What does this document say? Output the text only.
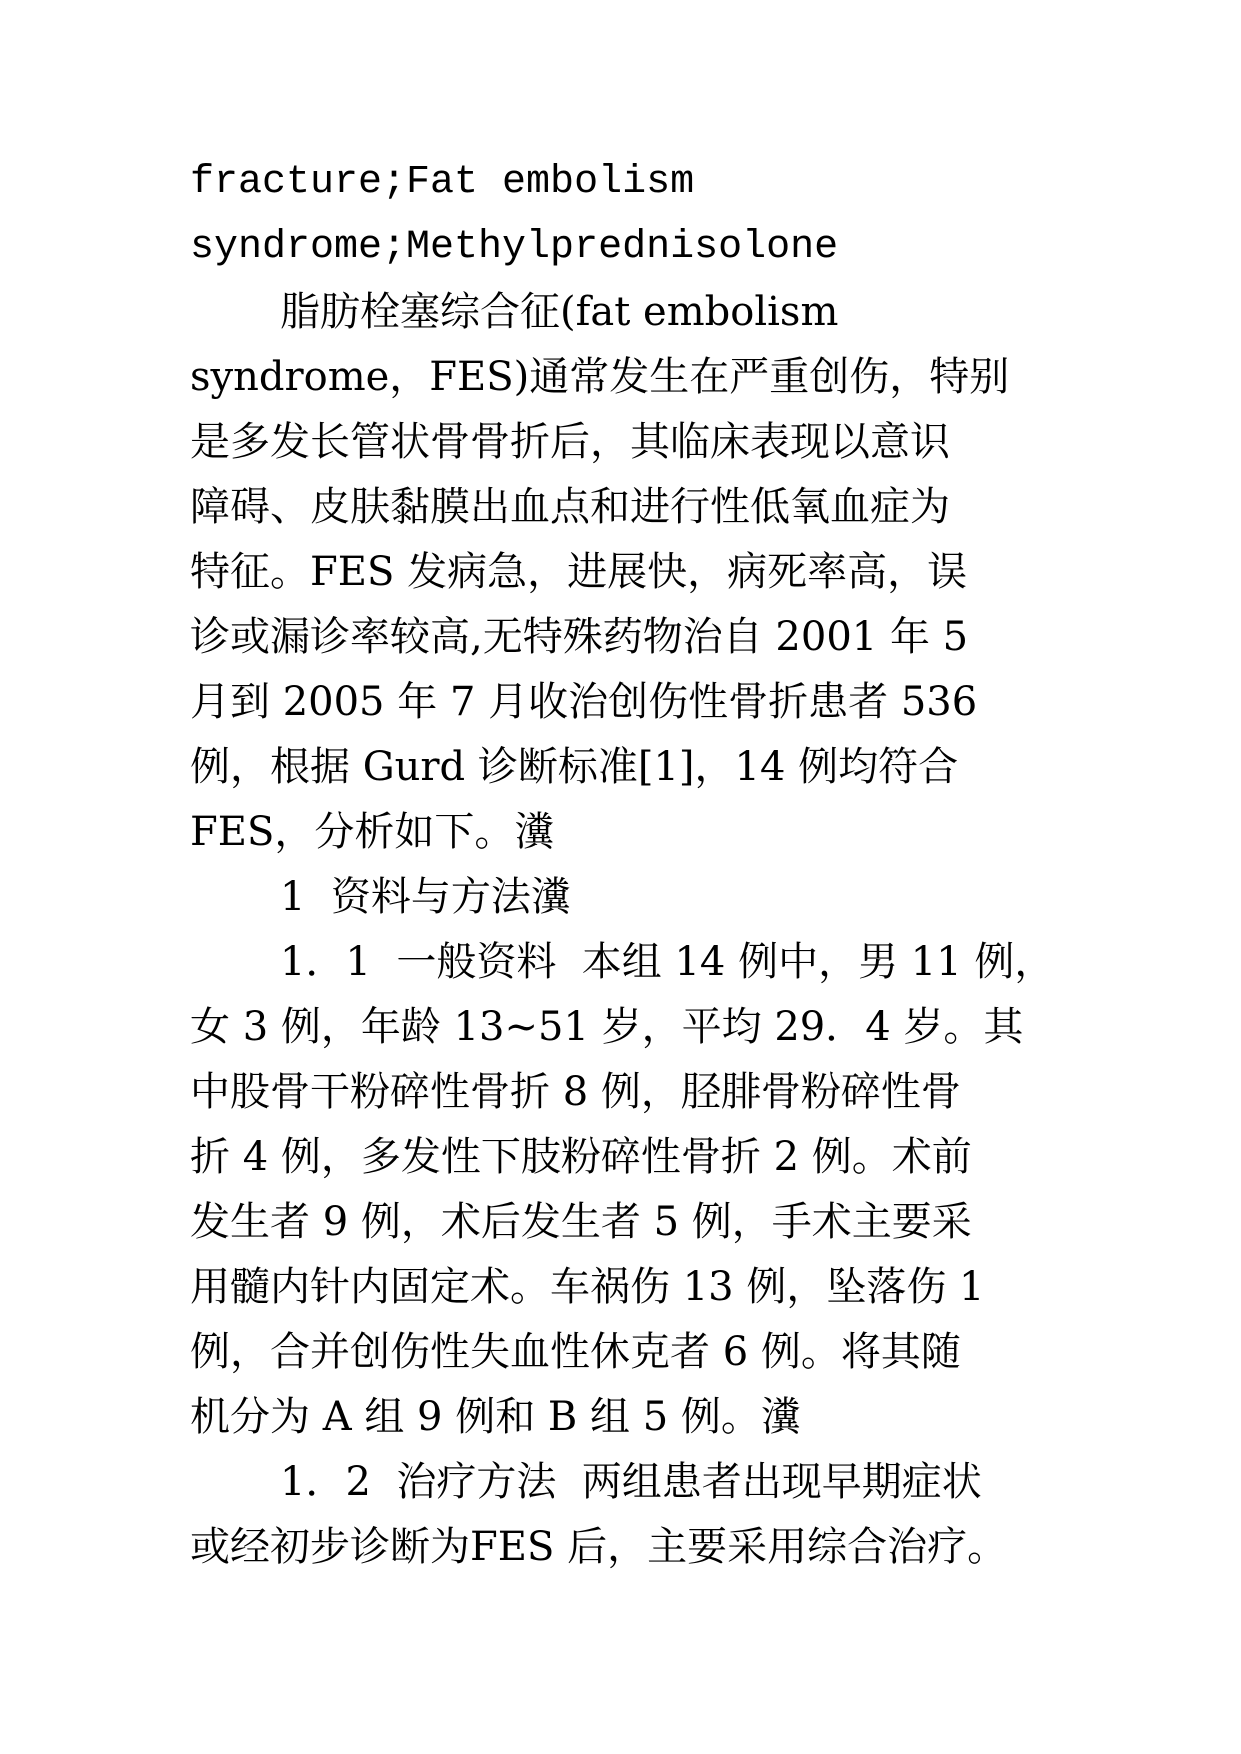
fracture;Fat embolism
syndrome;Methylprednisolone
脂肪栓塞综合征(fat embolism
syndrome，FES)通常发生在严重创伤，特别
是多发长管状骨骨折后，其临床表现以意识
障碍、皮肤黏膜出血点和进行性低氧血症为
特征。FES 发病急，进展快，病死率高，误
诊或漏诊率较高,无特殊药物治自 2001 年 5
月到 2005 年 7 月收治创伤性骨折患者 536
例，根据 Gurd 诊断标准[1]，14 例均符合
FES，分析如下。瀵
1  资料与方法瀵
1．1  一般资料  本组 14 例中，男 11 例，
女 3 例，年龄 13~51 岁，平均 29．4 岁。其
中股骨干粉碎性骨折 8 例，胫腓骨粉碎性骨
折 4 例，多发性下肢粉碎性骨折 2 例。术前
发生者 9 例，术后发生者 5 例，手术主要采
用髓内针内固定术。车祸伤 13 例，坠落伤 1
例，合并创伤性失血性休克者 6 例。将其随
机分为 A 组 9 例和 B 组 5 例。瀵
1．2  治疗方法  两组患者出现早期症状
或经初步诊断为FES 后，主要采用综合治疗。
